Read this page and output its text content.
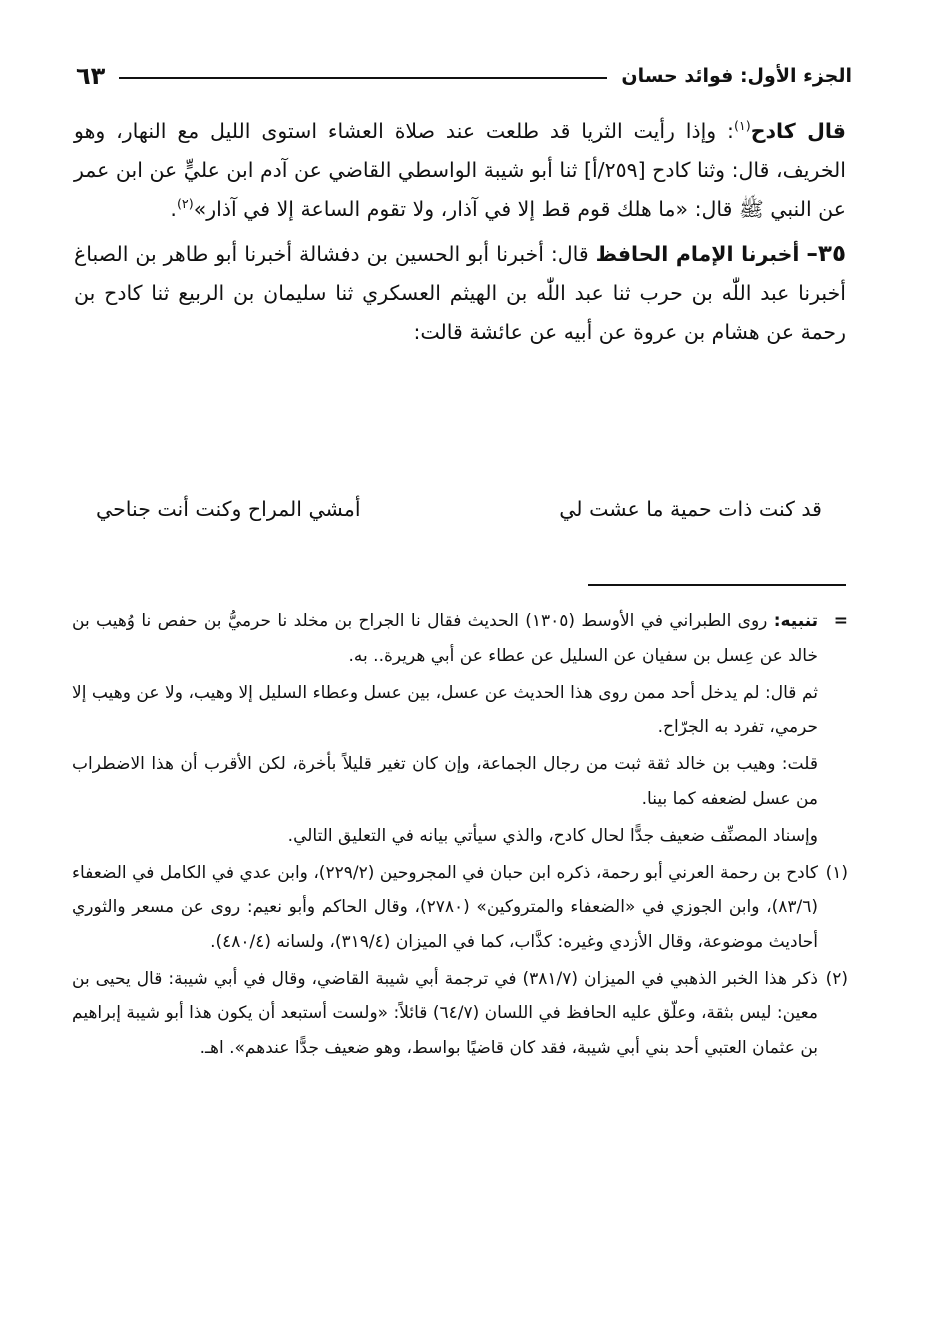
الجزء الأول: فوائد حسان
٦٣

قال كادح$^{(١)}$: وإذا رأيت الثريا قد طلعت عند صلاة العشاء استوى الليل مع النهار، وهو الخريف، قال: وثنا كادح [٢٥٩/أ] ثنا أبو شيبة الواسطي القاضي عن آدم ابن عليٍّ عن ابن عمر عن النبي ﷺ قال: «ما هلك قوم قط إلا في آذار، ولا تقوم الساعة إلا في آذار»$^{(٢)}$.

٣٥– أخبرنا الإمام الحافظ قال: أخبرنا أبو الحسين بن دفشالة أخبرنا أبو طاهر بن الصباغ أخبرنا عبد اللّٰه بن حرب ثنا عبد اللّٰه بن الهيثم العسكري ثنا سليمان بن الربيع ثنا كادح بن رحمة عن هشام بن عروة عن أبيه عن عائشة قالت:

قد كنت ذات حمية ما عشت لي
أمشي المراح وكنت أنت جناحي

=
تنبيه: روى الطبراني في الأوسط (١٣٠٥) الحديث فقال نا الجراح بن مخلد نا حرميُّ بن حفص نا وُهيب بن خالد عن عِسل بن سفيان عن السليل عن عطاء عن أبي هريرة.. به.

ثم قال: لم يدخل أحد ممن روى هذا الحديث عن عسل، بين عسل وعطاء السليل إلا وهيب، ولا عن وهيب إلا حرمي، تفرد به الجرّاح.

قلت: وهيب بن خالد ثقة ثبت من رجال الجماعة، وإن كان تغير قليلاً بأخرة، لكن الأقرب أن هذا الاضطراب من عسل لضعفه كما بينا.

وإسناد المصنِّف ضعيف جدًّا لحال كادح، والذي سيأتي بيانه في التعليق التالي.

(١)
كادح بن رحمة العرني أبو رحمة، ذكره ابن حبان في المجروحين (٢٢٩/٢)، وابن عدي في الكامل في الضعفاء (٨٣/٦)، وابن الجوزي في «الضعفاء والمتروكين» (٢٧٨٠)، وقال الحاكم وأبو نعيم: روى عن مسعر والثوري أحاديث موضوعة، وقال الأزدي وغيره: كذَّاب، كما في الميزان (٣١٩/٤)، ولسانه (٤٨٠/٤).

(٢)
ذكر هذا الخبر الذهبي في الميزان (٣٨١/٧) في ترجمة أبي شيبة القاضي، وقال في أبي شيبة: قال يحيى بن معين: ليس بثقة، وعلّق عليه الحافظ في اللسان (٦٤/٧) قائلاً: «ولست أستبعد أن يكون هذا أبو شيبة إبراهيم بن عثمان العتبي أحد بني أبي شيبة، فقد كان قاضيًا بواسط، وهو ضعيف جدًّا عندهم». اهـ.
